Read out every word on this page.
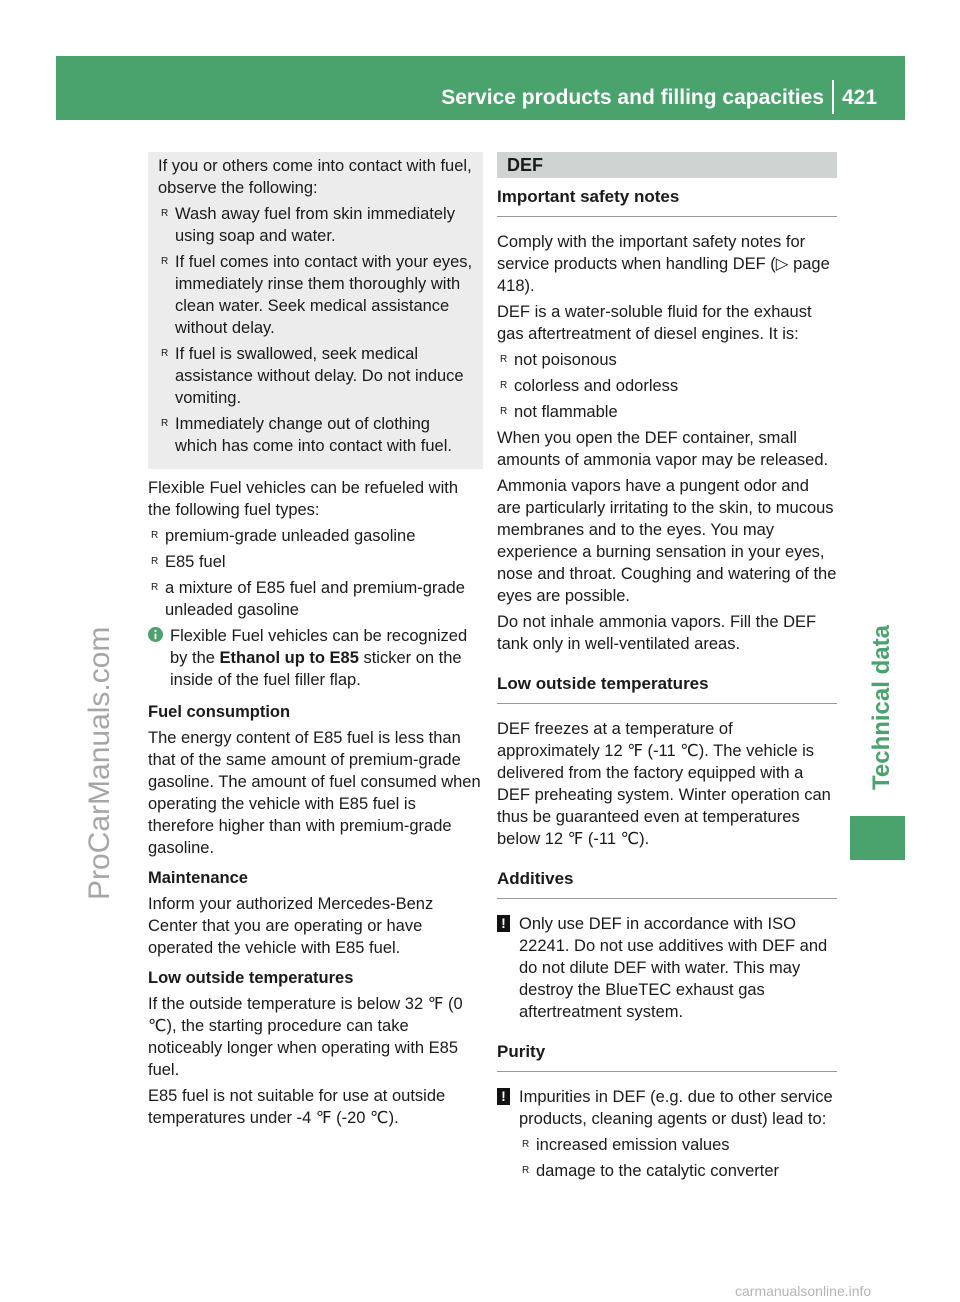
Service products and filling capacities 421
ProCarManuals.com	Technical data

If you or others come into contact with fuel, observe the following:

R Wash away fuel from skin immediately using soap and water.
R If fuel comes into contact with your eyes, immediately rinse them thoroughly with clean water. Seek medical assistance without delay.
R If fuel is swallowed, seek medical assistance without delay. Do not induce vomiting.
R Immediately change out of clothing which has come into contact with fuel.

Flexible Fuel vehicles can be refueled with the following fuel types:

R premium-grade unleaded gasoline
R E85 fuel
R a mixture of E85 fuel and premium-grade unleaded gasoline
Flexible Fuel vehicles can be recognized by the Ethanol up to E85 sticker on the inside of the fuel filler flap.

Fuel consumption

The energy content of E85 fuel is less than that of the same amount of premium-grade gasoline. The amount of fuel consumed when operating the vehicle with E85 fuel is therefore higher than with premium-grade gasoline.

Maintenance

Inform your authorized Mercedes-Benz Center that you are operating or have operated the vehicle with E85 fuel.

Low outside temperatures

If the outside temperature is below 32 ℉ (0 ℃), the starting procedure can take noticeably longer when operating with E85 fuel.

E85 fuel is not suitable for use at outside temperatures under -4 ℉ (-20 ℃).

DEF
Important safety notes

Comply with the important safety notes for service products when handling DEF (▷ page 418).

DEF is a water-soluble fluid for the exhaust gas aftertreatment of diesel engines. It is:

R not poisonous
R colorless and odorless
R not flammable

When you open the DEF container, small amounts of ammonia vapor may be released.

Ammonia vapors have a pungent odor and are particularly irritating to the skin, to mucous membranes and to the eyes. You may experience a burning sensation in your eyes, nose and throat. Coughing and watering of the eyes are possible.

Do not inhale ammonia vapors. Fill the DEF tank only in well-ventilated areas.

Low outside temperatures

DEF freezes at a temperature of approximately 12 ℉ (-11 ℃). The vehicle is delivered from the factory equipped with a DEF preheating system. Winter operation can thus be guaranteed even at temperatures below 12 ℉ (-11 ℃).

Additives
! Only use DEF in accordance with ISO 22241. Do not use additives with DEF and do not dilute DEF with water. This may destroy the BlueTEC exhaust gas aftertreatment system.
Purity
! Impurities in DEF (e.g. due to other service products, cleaning agents or dust) lead to:
R increased emission values
R damage to the catalytic converter
carmanualsonline.info
